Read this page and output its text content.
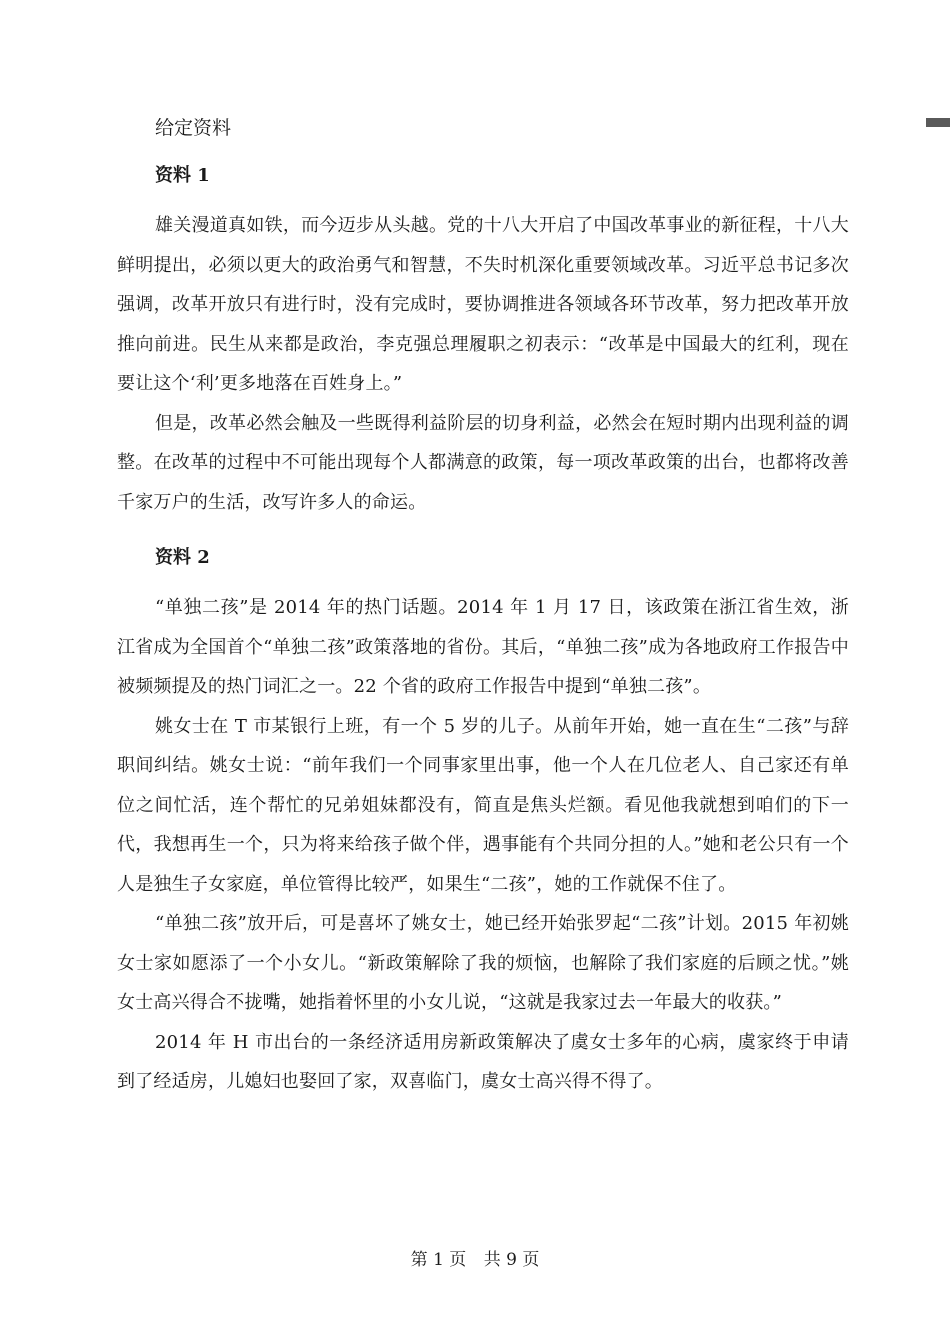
给定资料
资料 1

雄关漫道真如铁，而今迈步从头越。党的十八大开启了中国改革事业的新征程，十八大鲜明提出，必须以更大的政治勇气和智慧，不失时机深化重要领域改革。习近平总书记多次强调，改革开放只有进行时，没有完成时，要协调推进各领域各环节改革，努力把改革开放推向前进。民生从来都是政治，李克强总理履职之初表示：“改革是中国最大的红利，现在要让这个‘利’更多地落在百姓身上。”

但是，改革必然会触及一些既得利益阶层的切身利益，必然会在短时期内出现利益的调整。在改革的过程中不可能出现每个人都满意的政策，每一项改革政策的出台，也都将改善千家万户的生活，改写许多人的命运。

资料 2

“单独二孩”是 2014 年的热门话题。2014 年 1 月 17 日，该政策在浙江省生效，浙江省成为全国首个“单独二孩”政策落地的省份。其后，“单独二孩”成为各地政府工作报告中被频频提及的热门词汇之一。22 个省的政府工作报告中提到“单独二孩”。

姚女士在 T 市某银行上班，有一个 5 岁的儿子。从前年开始，她一直在生“二孩”与辞职间纠结。姚女士说：“前年我们一个同事家里出事，他一个人在几位老人、自己家还有单位之间忙活，连个帮忙的兄弟姐妹都没有，简直是焦头烂额。看见他我就想到咱们的下一代，我想再生一个，只为将来给孩子做个伴，遇事能有个共同分担的人。”她和老公只有一个人是独生子女家庭，单位管得比较严，如果生“二孩”，她的工作就保不住了。

“单独二孩”放开后，可是喜坏了姚女士，她已经开始张罗起“二孩”计划。2015 年初姚女士家如愿添了一个小女儿。“新政策解除了我的烦恼，也解除了我们家庭的后顾之忧。”姚女士高兴得合不拢嘴，她指着怀里的小女儿说，“这就是我家过去一年最大的收获。”

2014 年 H 市出台的一条经济适用房新政策解决了虞女士多年的心病，虞家终于申请到了经适房，儿媳妇也娶回了家，双喜临门，虞女士高兴得不得了。

第 1 页 共 9 页
